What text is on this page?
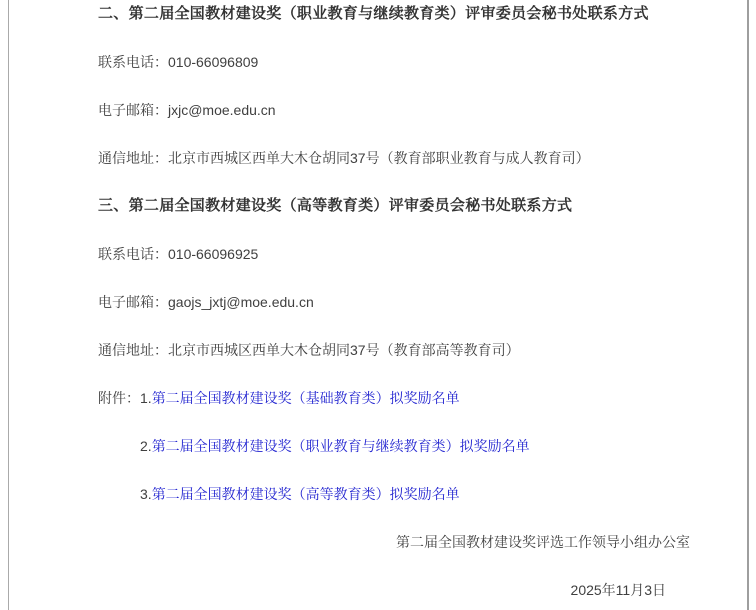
二、第二届全国教材建设奖（职业教育与继续教育类）评审委员会秘书处联系方式
联系电话：010-66096809
电子邮箱：jxjc@moe.edu.cn
通信地址：北京市西城区西单大木仓胡同37号（教育部职业教育与成人教育司）
三、第二届全国教材建设奖（高等教育类）评审委员会秘书处联系方式
联系电话：010-66096925
电子邮箱：gaojs_jxtj@moe.edu.cn
通信地址：北京市西城区西单大木仓胡同37号（教育部高等教育司）
附件：1.第二届全国教材建设奖（基础教育类）拟奖励名单
2.第二届全国教材建设奖（职业教育与继续教育类）拟奖励名单
3.第二届全国教材建设奖（高等教育类）拟奖励名单
第二届全国教材建设奖评选工作领导小组办公室
2025年11月3日
